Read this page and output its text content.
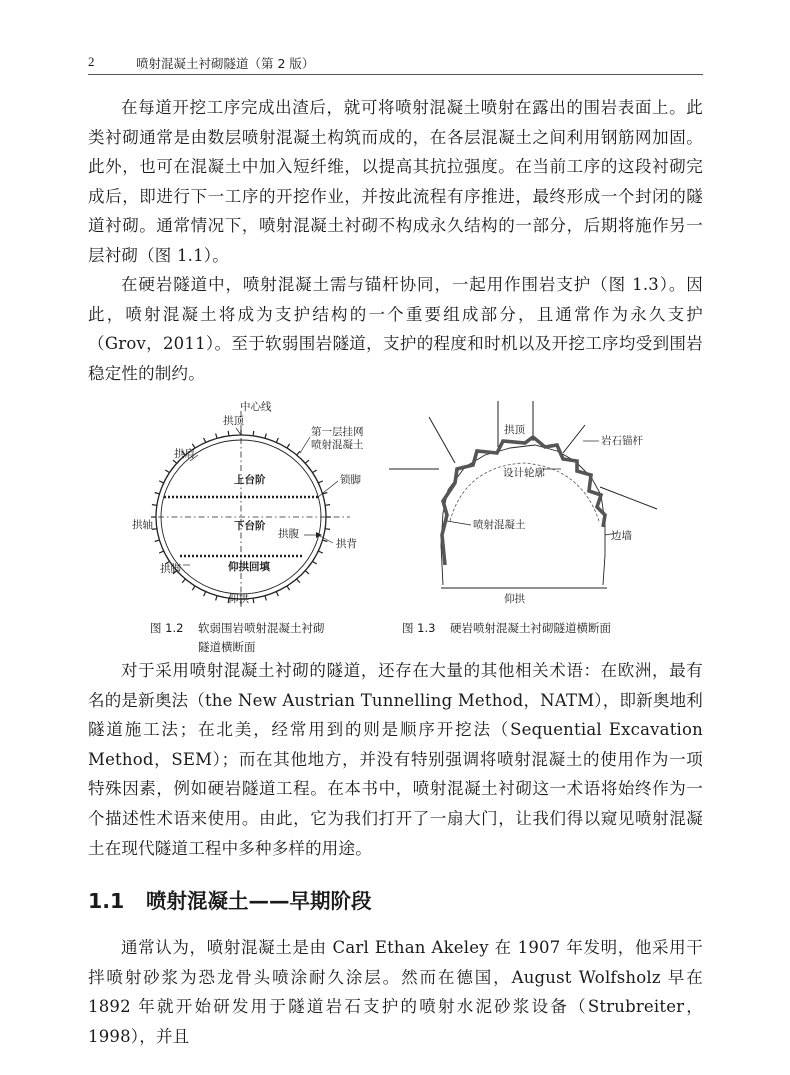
2	喷射混凝土衬砌隧道（第 2 版）

在每道开挖工序完成出渣后，就可将喷射混凝土喷射在露出的围岩表面上。此类衬砌通常是由数层喷射混凝土构筑而成的，在各层混凝土之间利用钢筋网加固。此外，也可在混凝土中加入短纤维，以提高其抗拉强度。在当前工序的这段衬砌完成后，即进行下一工序的开挖作业，并按此流程有序推进，最终形成一个封闭的隧道衬砌。通常情况下，喷射混凝土衬砌不构成永久结构的一部分，后期将施作另一层衬砌（图 1.1）。

在硬岩隧道中，喷射混凝土需与锚杆协同，一起用作围岩支护（图 1.3）。因此，喷射混凝土将成为支护结构的一个重要组成部分，且通常作为永久支护（Grov，2011）。至于软弱围岩隧道，支护的程度和时机以及开挖工序均受到围岩稳定性的制约。

中心线
拱顶
第一层挂网
喷射混凝土
拱肩
上台阶	锁脚
拱轴	下台阶
拱腹
拱背
拱脚	仰拱回填
仰拱
拱顶
岩石锚杆
设计轮廓
喷射混凝土
边墙
仰拱
图 1.2 软弱围岩喷射混凝土衬砌
隧道横断面
图 1.3 硬岩喷射混凝土衬砌隧道横断面

对于采用喷射混凝土衬砌的隧道，还存在大量的其他相关术语：在欧洲，最有名的是新奥法（the New Austrian Tunnelling Method，NATM），即新奥地利隧道施工法；在北美，经常用到的则是顺序开挖法（Sequential Excavation Method，SEM）；而在其他地方，并没有特别强调将喷射混凝土的使用作为一项特殊因素，例如硬岩隧道工程。在本书中，喷射混凝土衬砌这一术语将始终作为一个描述性术语来使用。由此，它为我们打开了一扇大门，让我们得以窥见喷射混凝土在现代隧道工程中多种多样的用途。

1.1 喷射混凝土——早期阶段

通常认为，喷射混凝土是由 Carl Ethan Akeley 在 1907 年发明，他采用干拌喷射砂浆为恐龙骨头喷涂耐久涂层。然而在德国，August Wolfsholz 早在 1892 年就开始研发用于隧道岩石支护的喷射水泥砂浆设备（Strubreiter，1998），并且
